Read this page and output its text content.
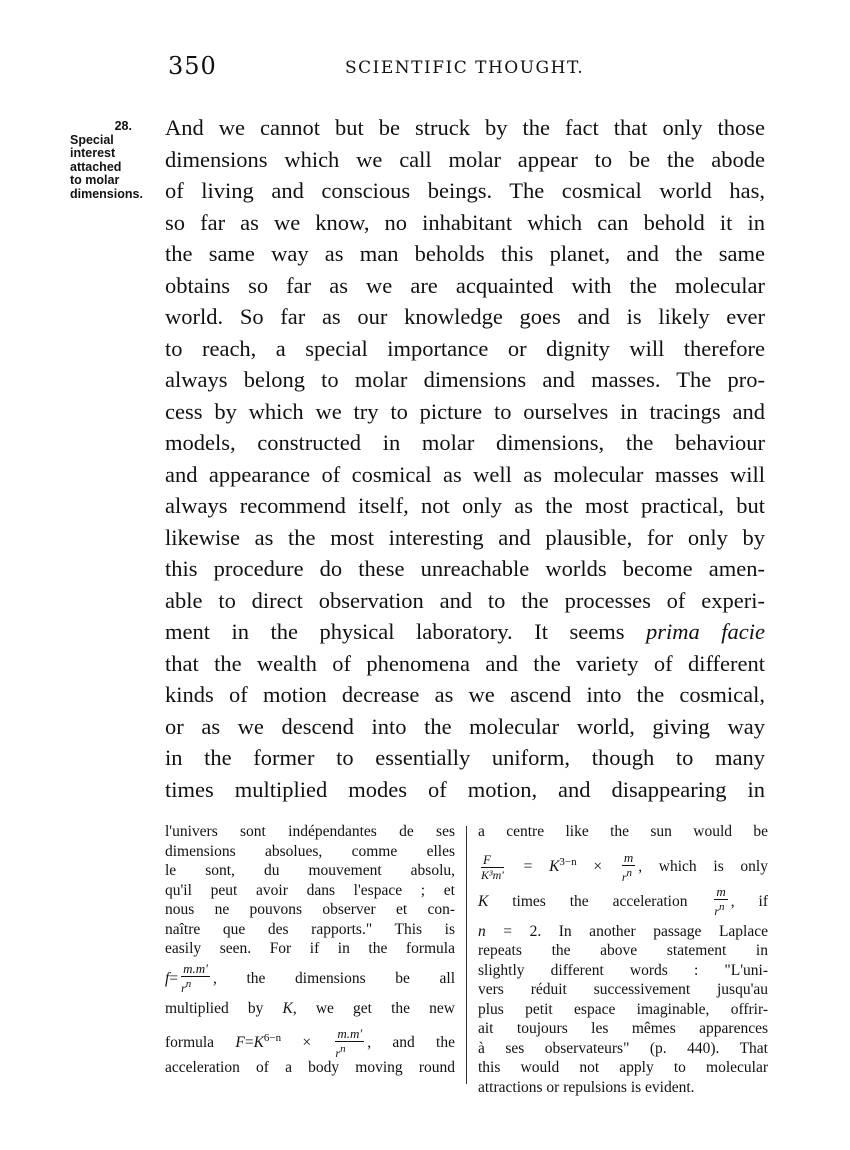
350	SCIENTIFIC THOUGHT.
28.
Special
interest
attached
to molar
dimensions.
And we cannot but be struck by the fact that only those
dimensions which we call molar appear to be the abode
of living and conscious beings. The cosmical world has,
so far as we know, no inhabitant which can behold it in
the same way as man beholds this planet, and the same
obtains so far as we are acquainted with the molecular
world. So far as our knowledge goes and is likely ever
to reach, a special importance or dignity will therefore
always belong to molar dimensions and masses. The pro-
cess by which we try to picture to ourselves in tracings and
models, constructed in molar dimensions, the behaviour
and appearance of cosmical as well as molecular masses will
always recommend itself, not only as the most practical, but
likewise as the most interesting and plausible, for only by
this procedure do these unreachable worlds become amen-
able to direct observation and to the processes of experi-
ment in the physical laboratory. It seems prima facie
that the wealth of phenomena and the variety of different
kinds of motion decrease as we ascend into the cosmical,
or as we descend into the molecular world, giving way
in the former to essentially uniform, though to many
times multiplied modes of motion, and disappearing in
l'univers sont indépendantes de ses
dimensions absolues, comme elles
le sont, du mouvement absolu,
qu'il peut avoir dans l'espace ; et
nous ne pouvons observer et con-
naître que des rapports." This is
easily seen. For if in the formula
$f= \frac{m.m'}{rn}$ , the dimensions be all
multiplied by K, we get the new
formula $F=K^{6-n} \times \frac{m.m'}{rn}$ , and the
acceleration of a body moving round
a centre like the sun would be
$\frac{F}{\text{K³m′}} = K^{3-n} \times \frac{m}{rn}$ , which is only
K times the acceleration $\frac{m}{rn}$ , if
n = 2. In another passage Laplace
repeats the above statement in
slightly different words : "L'uni-
vers réduit successivement jusqu'au
plus petit espace imaginable, offrir-
ait toujours les mêmes apparences
à ses observateurs" (p. 440). That
this would not apply to molecular
attractions or repulsions is evident.
